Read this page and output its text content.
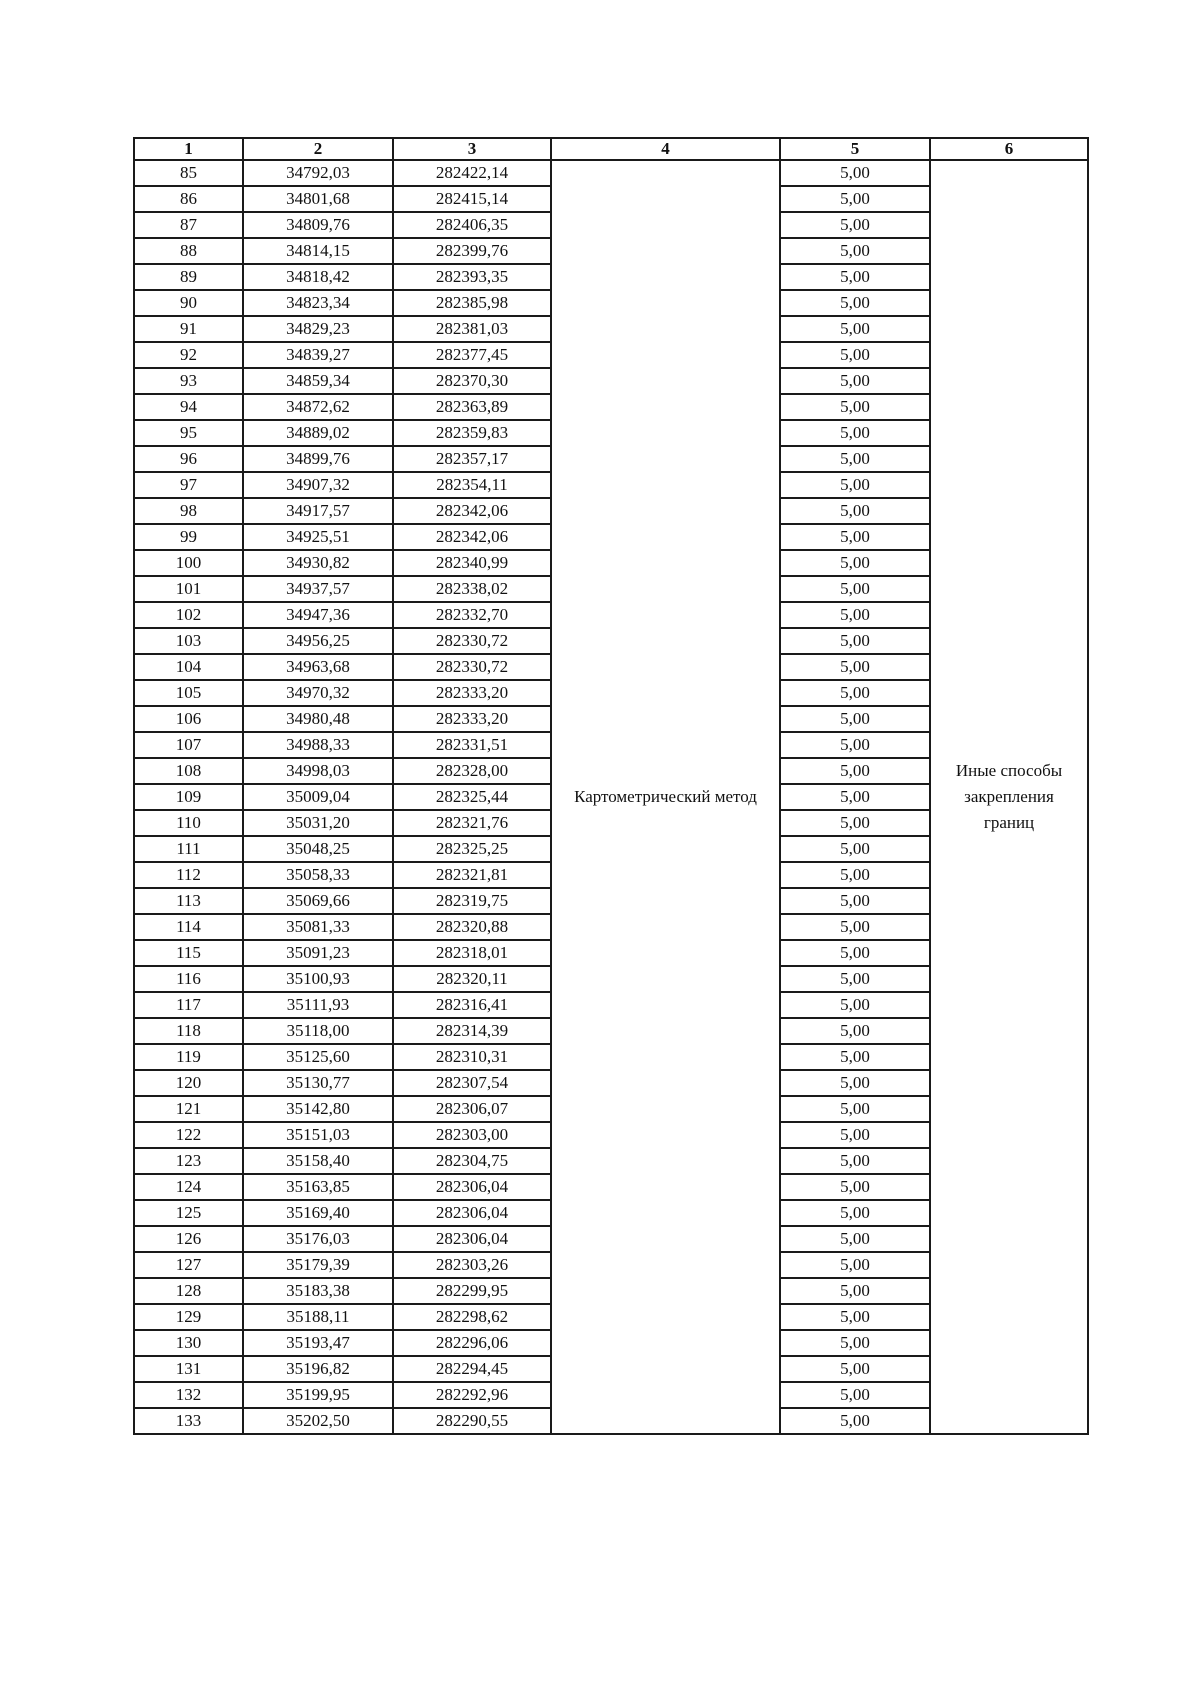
1	2	3	4	5	6
85	34792,03	282422,14	Картометрический метод	5,00	Иные способы закрепления границ
86	34801,68	282415,14		5,00	
87	34809,76	282406,35		5,00	
88	34814,15	282399,76		5,00	
89	34818,42	282393,35		5,00	
90	34823,34	282385,98		5,00	
91	34829,23	282381,03		5,00	
92	34839,27	282377,45		5,00	
93	34859,34	282370,30		5,00	
94	34872,62	282363,89		5,00	
95	34889,02	282359,83		5,00	
96	34899,76	282357,17		5,00	
97	34907,32	282354,11		5,00	
98	34917,57	282342,06		5,00	
99	34925,51	282342,06		5,00	
100	34930,82	282340,99		5,00	
101	34937,57	282338,02		5,00	
102	34947,36	282332,70		5,00	
103	34956,25	282330,72		5,00	
104	34963,68	282330,72		5,00	
105	34970,32	282333,20		5,00	
106	34980,48	282333,20		5,00	
107	34988,33	282331,51		5,00	
108	34998,03	282328,00		5,00	
109	35009,04	282325,44		5,00	
110	35031,20	282321,76		5,00	
111	35048,25	282325,25		5,00	
112	35058,33	282321,81		5,00	
113	35069,66	282319,75		5,00	
114	35081,33	282320,88		5,00	
115	35091,23	282318,01		5,00	
116	35100,93	282320,11		5,00	
117	35111,93	282316,41		5,00	
118	35118,00	282314,39		5,00	
119	35125,60	282310,31		5,00	
120	35130,77	282307,54		5,00	
121	35142,80	282306,07		5,00	
122	35151,03	282303,00		5,00	
123	35158,40	282304,75		5,00	
124	35163,85	282306,04		5,00	
125	35169,40	282306,04		5,00	
126	35176,03	282306,04		5,00	
127	35179,39	282303,26		5,00	
128	35183,38	282299,95		5,00	
129	35188,11	282298,62		5,00	
130	35193,47	282296,06		5,00	
131	35196,82	282294,45		5,00	
132	35199,95	282292,96		5,00	
133	35202,50	282290,55		5,00	
